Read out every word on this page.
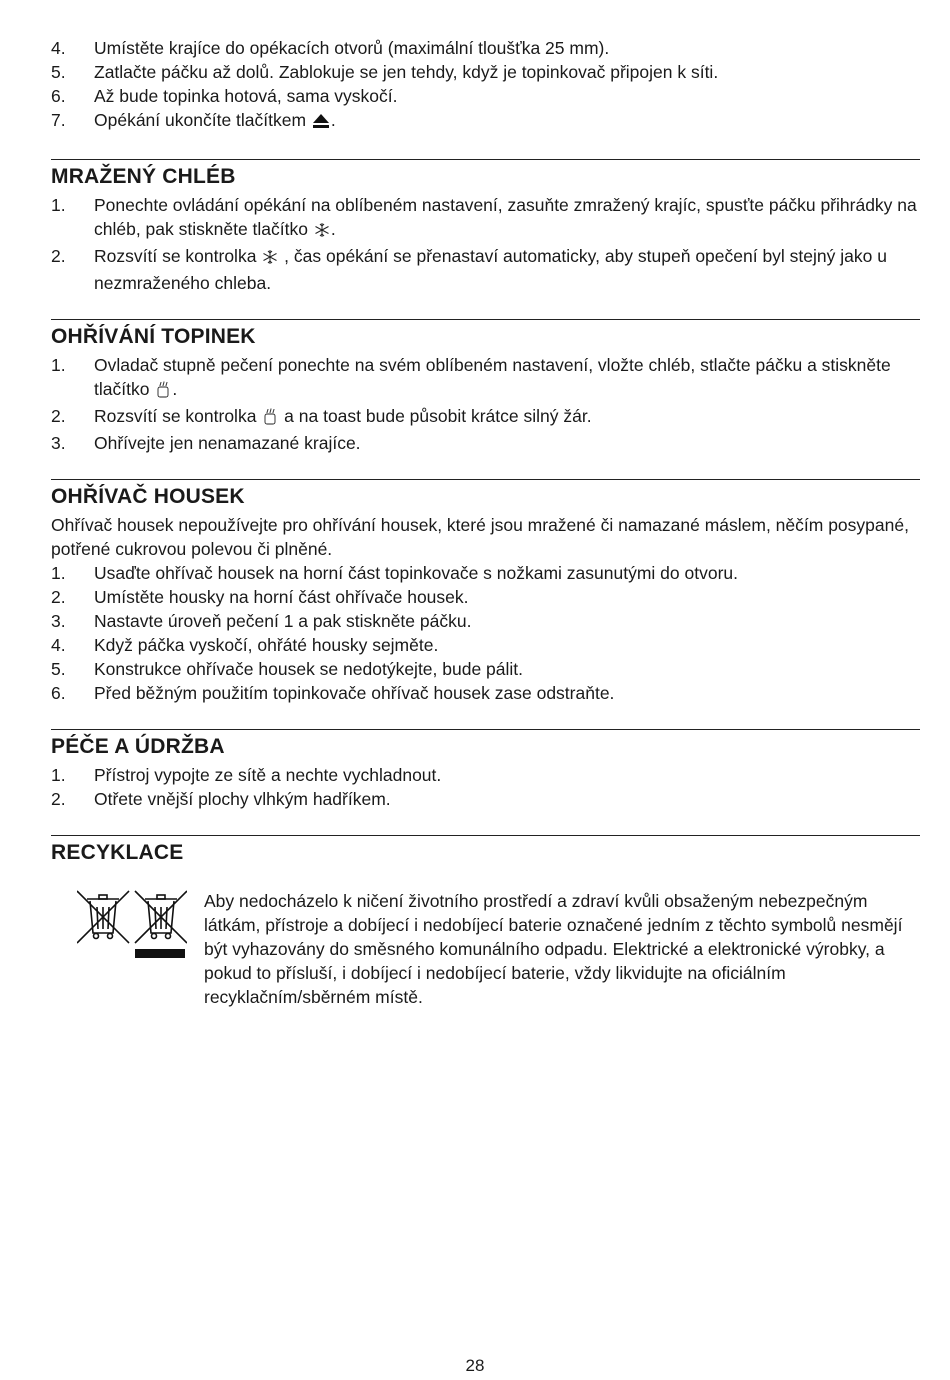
4.	Umístěte krajíce do opékacích otvorů (maximální tloušťka 25 mm).
5.	Zatlačte páčku až dolů. Zablokuje se jen tehdy, když je topinkovač připojen k síti.
6.	Až bude topinka hotová, sama vyskočí.
7.	Opékání ukončíte tlačítkem .
MRAŽENÝ CHLÉB
1.	Ponechte ovládání opékání na oblíbeném nastavení, zasuňte zmražený krajíc, spusťte páčku přihrádky na chléb, pak stiskněte tlačítko .
2.	Rozsvítí se kontrolka  , čas opékání se přenastaví automaticky, aby stupeň opečení byl stejný jako u nezmraženého chleba.
OHŘÍVÁNÍ TOPINEK
1.	Ovladač stupně pečení ponechte na svém oblíbeném nastavení, vložte chléb, stlačte páčku a stiskněte tlačítko .
2.	Rozsvítí se kontrolka  a na toast bude působit krátce silný žár.
3.	Ohřívejte jen nenamazané krajíce.
OHŘÍVAČ HOUSEK

Ohřívač housek nepoužívejte pro ohřívání housek, které jsou mražené či namazané máslem, něčím posypané, potřené cukrovou polevou či plněné.

1.	Usaďte ohřívač housek na horní část topinkovače s nožkami zasunutými do otvoru.
2.	Umístěte housky na horní část ohřívače housek.
3.	Nastavte úroveň pečení 1 a pak stiskněte páčku.
4.	Když páčka vyskočí, ohřáté housky sejměte.
5.	Konstrukce ohřívače housek se nedotýkejte, bude pálit.
6.	Před běžným použitím topinkovače ohřívač housek zase odstraňte.
PÉČE A ÚDRŽBA
1.	Přístroj vypojte ze sítě a nechte vychladnout.
2.	Otřete vnější plochy vlhkým hadříkem.
RECYKLACE
Aby nedocházelo k ničení životního prostředí a zdraví kvůli obsaženým nebezpečným látkám, přístroje a dobíjecí i nedobíjecí baterie označené jedním z těchto symbolů nesmějí být vyhazovány do směsného komunálního odpadu. Elektrické a elektronické výrobky, a pokud to přísluší, i dobíjecí i nedobíjecí baterie, vždy likvidujte na oficiálním recyklačním/sběrném místě.
28
